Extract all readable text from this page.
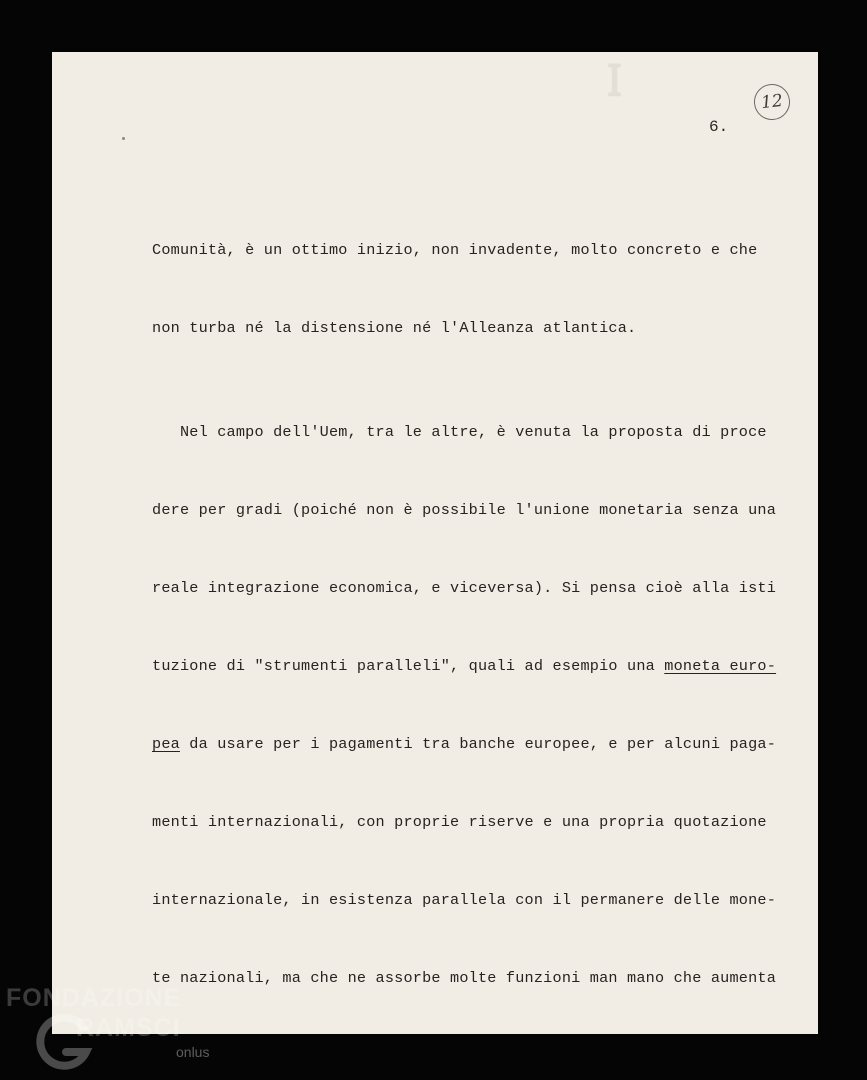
ꟷ	12
6.

Comunità, è un ottimo inizio, non invadente, molto concreto e che

non turba né la distensione né l'Alleanza atlantica.

Nel campo dell'Uem, tra le altre, è venuta la proposta di proce

dere per gradi (poiché non è possibile l'unione monetaria senza una

reale integrazione economica, e viceversa). Si pensa cioè alla isti

tuzione di "strumenti paralleli", quali ad esempio una moneta euro-

pea da usare per i pagamenti tra banche europee, e per alcuni paga-

menti internazionali, con proprie riserve e una propria quotazione

internazionale, in esistenza parallela con il permanere delle mone-

te nazionali, ma che ne assorbe molte funzioni man mano che aumenta

FONDAZIONE
RAMSCI
onlus
